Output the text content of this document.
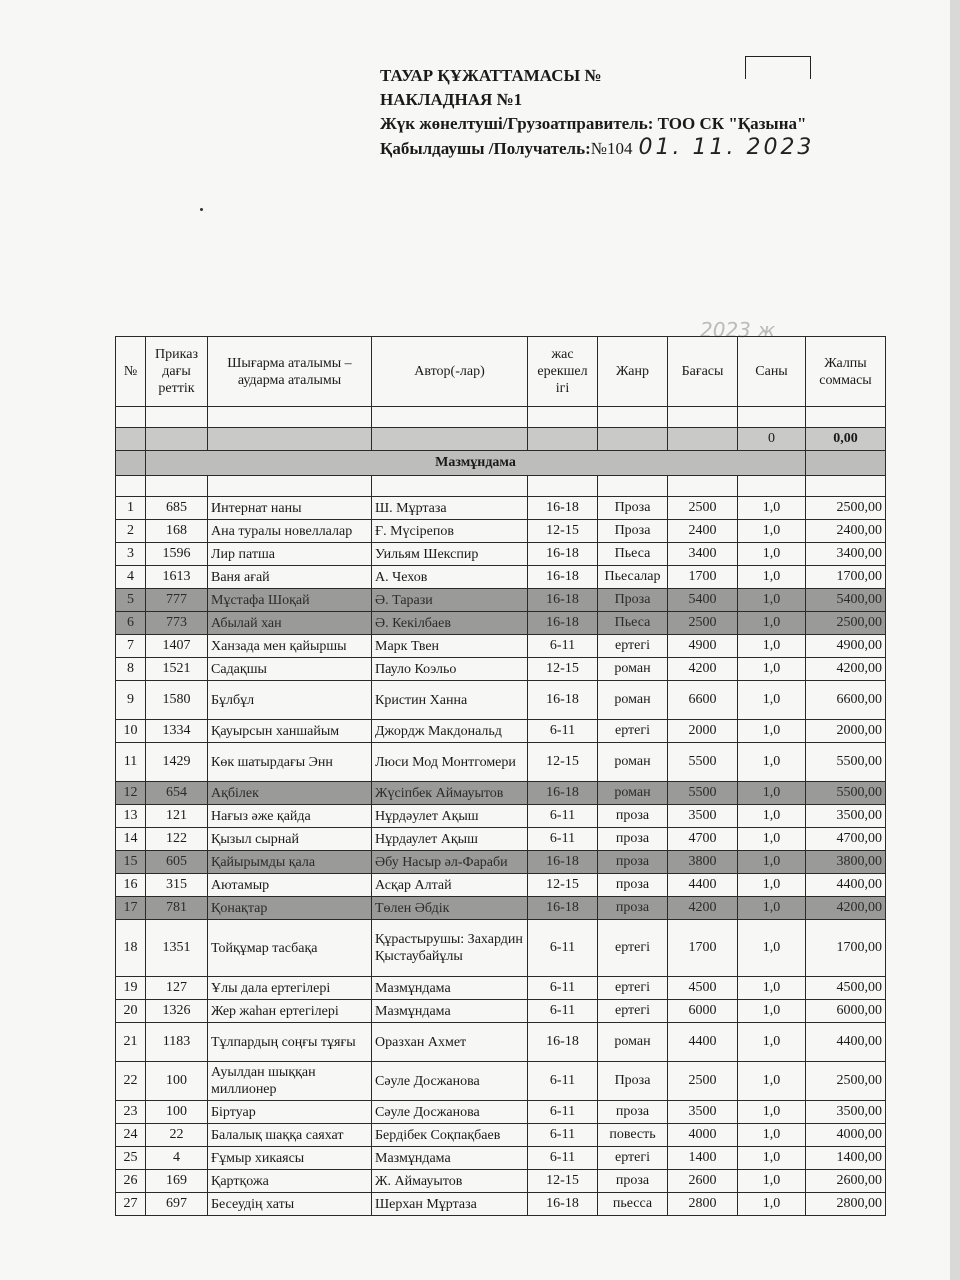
ТАУАР ҚҰЖАТТАМАСЫ №
НАКЛАДНАЯ №1
Жүк жөнелтуші/Грузоатправитель: ТОО СК "Қазына"
Қабылдаушы /Получатель:№104 01. 11. 2023
2023 ж
№	Приказ дағы реттік	Шығарма аталымы – аударма аталымы	Автор(-лар)	жас ерекшел ігі	Жанр	Бағасы	Саны	Жалпы соммасы

							0	0,00
	Мазмұндама							

1	685	Интернат наны	Ш. Мұртаза	16-18	Проза	2500	1,0	2500,00
2	168	Ана туралы новеллалар	Ғ. Мүсірепов	12-15	Проза	2400	1,0	2400,00
3	1596	Лир патша	Уильям Шекспир	16-18	Пьеса	3400	1,0	3400,00
4	1613	Ваня ағай	А. Чехов	16-18	Пьесалар	1700	1,0	1700,00
5	777	Мұстафа Шоқай	Ә. Тарази	16-18	Проза	5400	1,0	5400,00
6	773	Абылай хан	Ә. Кекілбаев	16-18	Пьеса	2500	1,0	2500,00
7	1407	Ханзада мен қайыршы	Марк Твен	6-11	ертегі	4900	1,0	4900,00
8	1521	Садақшы	Пауло Коэльо	12-15	роман	4200	1,0	4200,00
9	1580	Бұлбұл	Кристин Ханна	16-18	роман	6600	1,0	6600,00
10	1334	Қауырсын ханшайым	Джордж Макдональд	6-11	ертегі	2000	1,0	2000,00
11	1429	Көк шатырдағы Энн	Люси Мод Монтгомери	12-15	роман	5500	1,0	5500,00
12	654	Ақбілек	Жүсіпбек Аймауытов	16-18	роман	5500	1,0	5500,00
13	121	Нағыз әже қайда	Нұрдәулет Ақыш	6-11	проза	3500	1,0	3500,00
14	122	Қызыл сырнай	Нұрдаулет Ақыш	6-11	проза	4700	1,0	4700,00
15	605	Қайырымды қала	Әбу Насыр әл-Фараби	16-18	проза	3800	1,0	3800,00
16	315	Аютамыр	Асқар Алтай	12-15	проза	4400	1,0	4400,00
17	781	Қонақтар	Төлен Әбдік	16-18	проза	4200	1,0	4200,00
18	1351	Тойқұмар тасбақа	Құрастырушы: Захардин Қыстаубайұлы	6-11	ертегі	1700	1,0	1700,00
19	127	Ұлы дала ертегілері	Мазмұндама	6-11	ертегі	4500	1,0	4500,00
20	1326	Жер жаһан ертегілері	Мазмұндама	6-11	ертегі	6000	1,0	6000,00
21	1183	Тұлпардың соңғы тұяғы	Оразхан Ахмет	16-18	роман	4400	1,0	4400,00
22	100	Ауылдан шыққан миллионер	Сәуле Досжанова	6-11	Проза	2500	1,0	2500,00
23	100	Біртуар	Сәуле Досжанова	6-11	проза	3500	1,0	3500,00
24	22	Балалық шаққа саяхат	Бердібек Соқпақбаев	6-11	повесть	4000	1,0	4000,00
25	4	Ғұмыр хикаясы	Мазмұндама	6-11	ертегі	1400	1,0	1400,00
26	169	Қартқожа	Ж. Аймауытов	12-15	проза	2600	1,0	2600,00
27	697	Бесеудің хаты	Шерхан Мұртаза	16-18	пьесса	2800	1,0	2800,00
